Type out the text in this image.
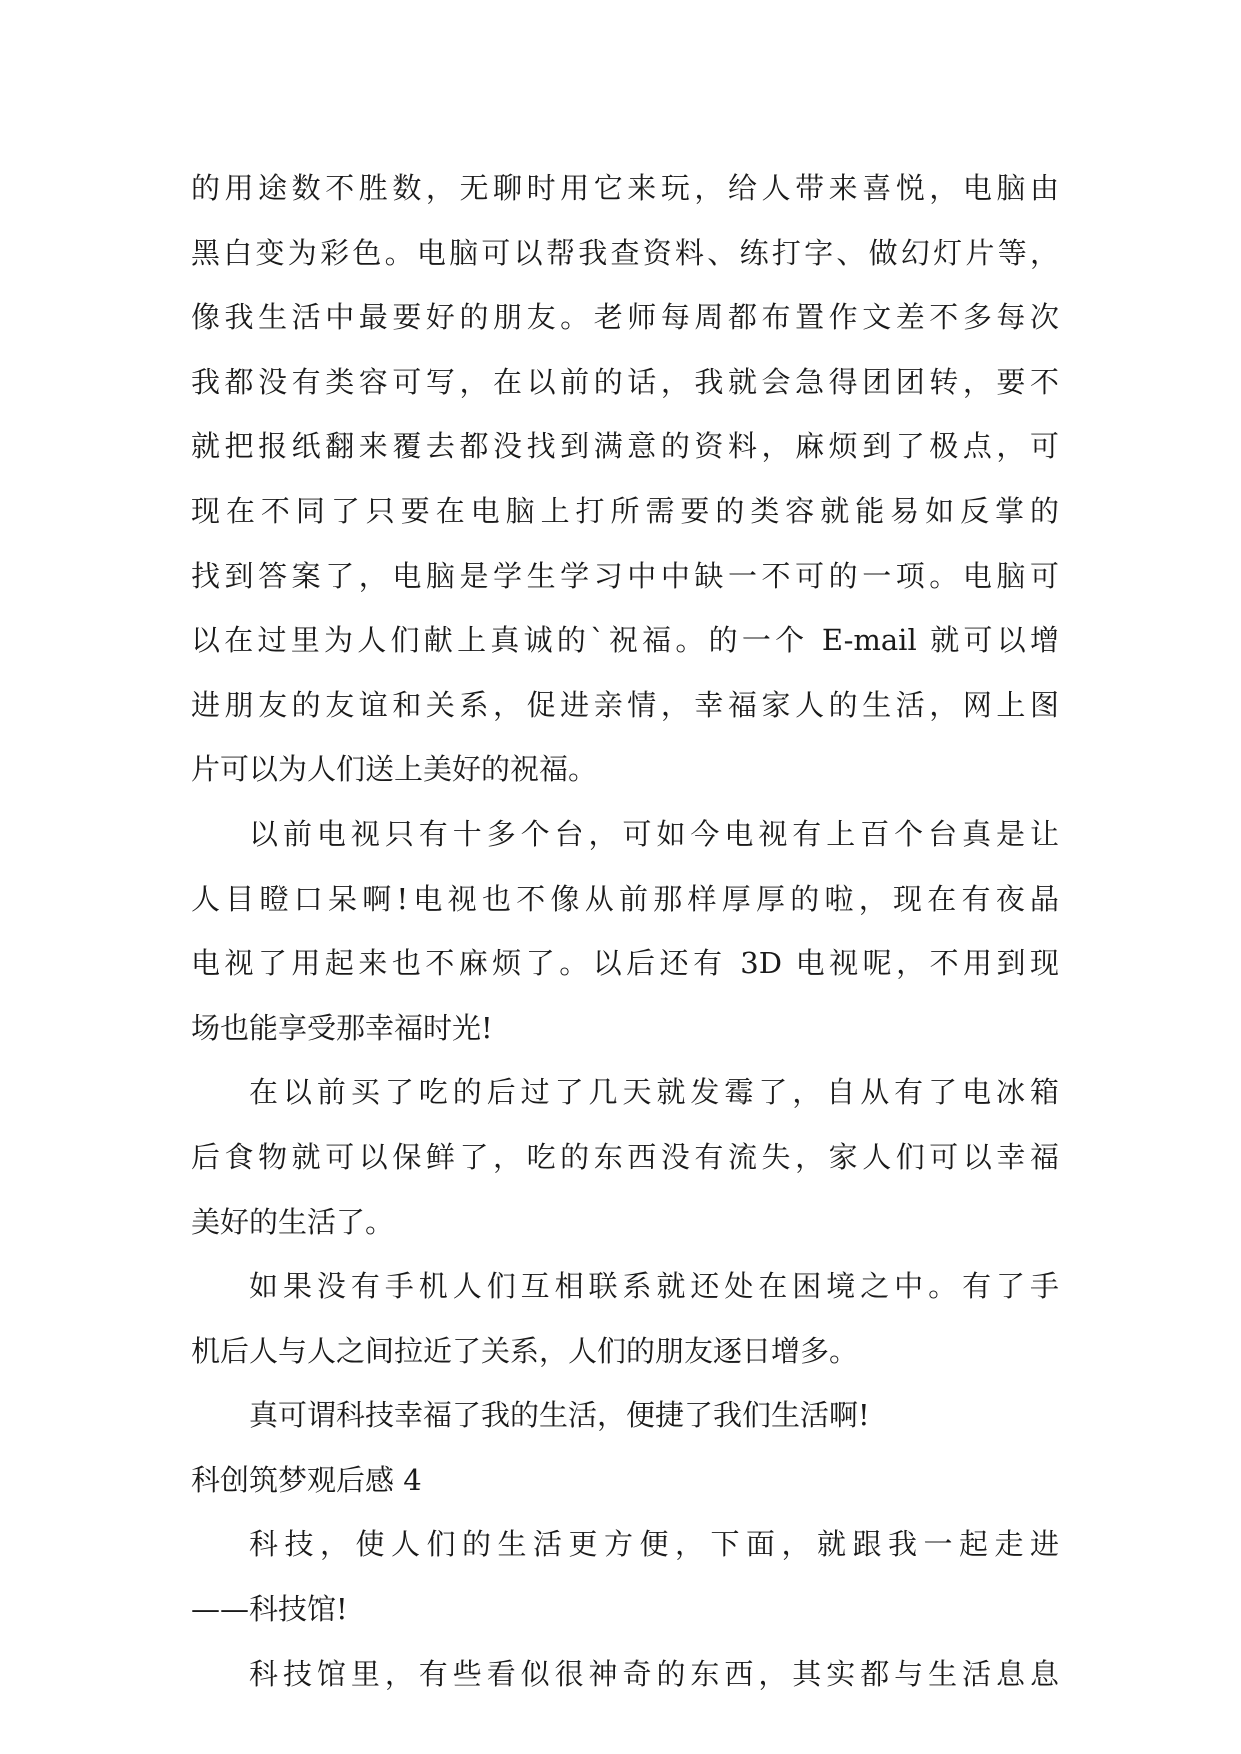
的用途数不胜数，无聊时用它来玩，给人带来喜悦，电脑由
黑白变为彩色。电脑可以帮我查资料、练打字、做幻灯片等，
像我生活中最要好的朋友。老师每周都布置作文差不多每次
我都没有类容可写，在以前的话，我就会急得团团转，要不
就把报纸翻来覆去都没找到满意的资料，麻烦到了极点，可
现在不同了只要在电脑上打所需要的类容就能易如反掌的
找到答案了，电脑是学生学习中中缺一不可的一项。电脑可
以在过里为人们献上真诚的`祝福。的一个 E-mail 就可以增
进朋友的友谊和关系，促进亲情，幸福家人的生活，网上图
片可以为人们送上美好的祝福。
以前电视只有十多个台，可如今电视有上百个台真是让
人目瞪口呆啊!电视也不像从前那样厚厚的啦，现在有夜晶
电视了用起来也不麻烦了。以后还有 3D 电视呢，不用到现
场也能享受那幸福时光!
在以前买了吃的后过了几天就发霉了，自从有了电冰箱
后食物就可以保鲜了，吃的东西没有流失，家人们可以幸福
美好的生活了。
如果没有手机人们互相联系就还处在困境之中。有了手
机后人与人之间拉近了关系，人们的朋友逐日增多。
真可谓科技幸福了我的生活，便捷了我们生活啊!
科创筑梦观后感 4
科技，使人们的生活更方便，下面，就跟我一起走进
——科技馆!
科技馆里，有些看似很神奇的东西，其实都与生活息息
